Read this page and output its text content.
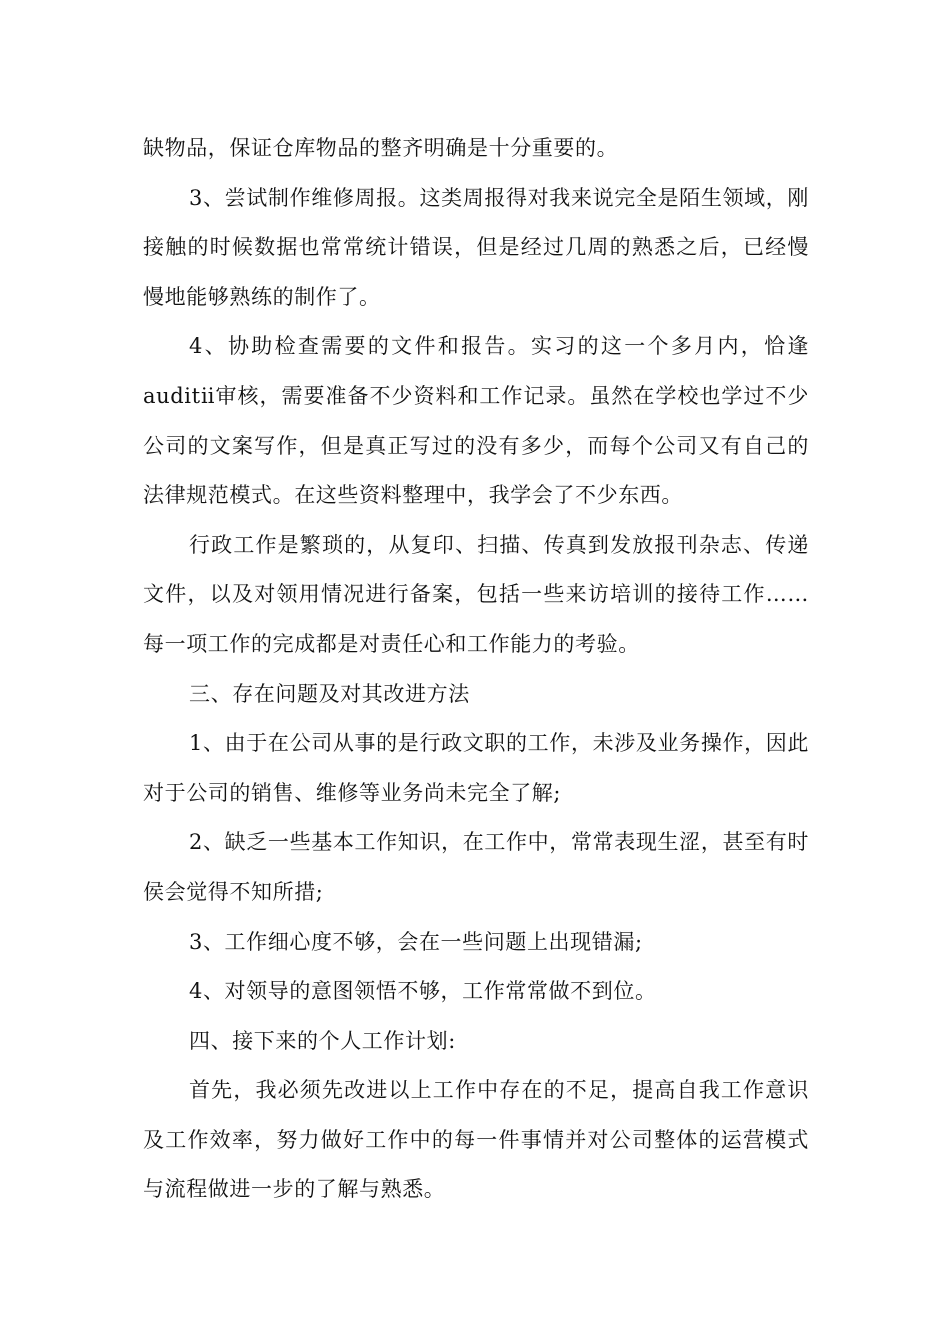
缺物品，保证仓库物品的整齐明确是十分重要的。

3、尝试制作维修周报。这类周报得对我来说完全是陌生领域，刚接触的时候数据也常常统计错误，但是经过几周的熟悉之后，已经慢慢地能够熟练的制作了。

4、协助检查需要的文件和报告。实习的这一个多月内，恰逢auditⅱ审核，需要准备不少资料和工作记录。虽然在学校也学过不少公司的文案写作，但是真正写过的没有多少，而每个公司又有自己的法律规范模式。在这些资料整理中，我学会了不少东西。

行政工作是繁琐的，从复印、扫描、传真到发放报刊杂志、传递文件，以及对领用情况进行备案，包括一些来访培训的接待工作……每一项工作的完成都是对责任心和工作能力的考验。

三、存在问题及对其改进方法

1、由于在公司从事的是行政文职的工作，未涉及业务操作，因此对于公司的销售、维修等业务尚未完全了解;

2、缺乏一些基本工作知识，在工作中，常常表现生涩，甚至有时侯会觉得不知所措;

3、工作细心度不够，会在一些问题上出现错漏;

4、对领导的意图领悟不够，工作常常做不到位。

四、接下来的个人工作计划:

首先，我必须先改进以上工作中存在的不足，提高自我工作意识及工作效率，努力做好工作中的每一件事情并对公司整体的运营模式与流程做进一步的了解与熟悉。
